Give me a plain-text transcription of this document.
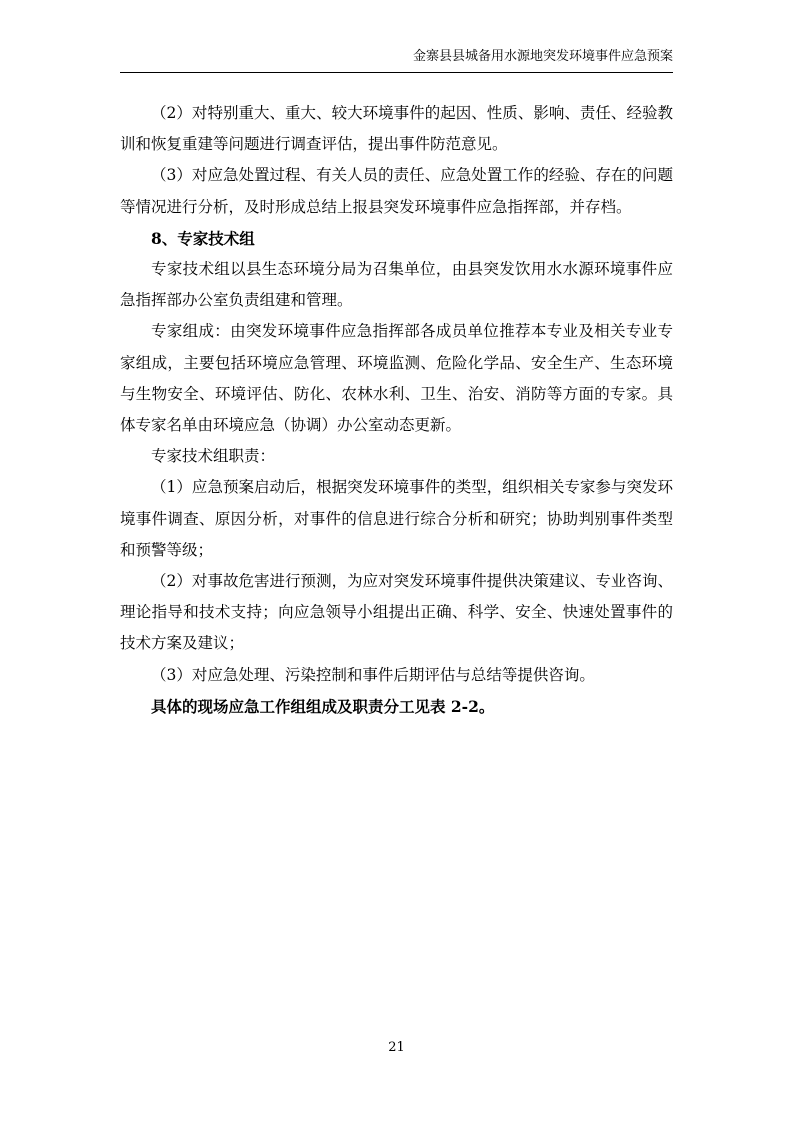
金寨县县城备用水源地突发环境事件应急预案

（2）对特别重大、重大、较大环境事件的起因、性质、影响、责任、经验教训和恢复重建等问题进行调查评估，提出事件防范意见。

（3）对应急处置过程、有关人员的责任、应急处置工作的经验、存在的问题等情况进行分析，及时形成总结上报县突发环境事件应急指挥部，并存档。

8、专家技术组

专家技术组以县生态环境分局为召集单位，由县突发饮用水水源环境事件应急指挥部办公室负责组建和管理。

专家组成：由突发环境事件应急指挥部各成员单位推荐本专业及相关专业专家组成，主要包括环境应急管理、环境监测、危险化学品、安全生产、生态环境与生物安全、环境评估、防化、农林水利、卫生、治安、消防等方面的专家。具体专家名单由环境应急（协调）办公室动态更新。

专家技术组职责：

（1）应急预案启动后，根据突发环境事件的类型，组织相关专家参与突发环境事件调查、原因分析，对事件的信息进行综合分析和研究；协助判别事件类型和预警等级；

（2）对事故危害进行预测，为应对突发环境事件提供决策建议、专业咨询、理论指导和技术支持；向应急领导小组提出正确、科学、安全、快速处置事件的技术方案及建议；

（3）对应急处理、污染控制和事件后期评估与总结等提供咨询。

具体的现场应急工作组组成及职责分工见表 2-2。

21
